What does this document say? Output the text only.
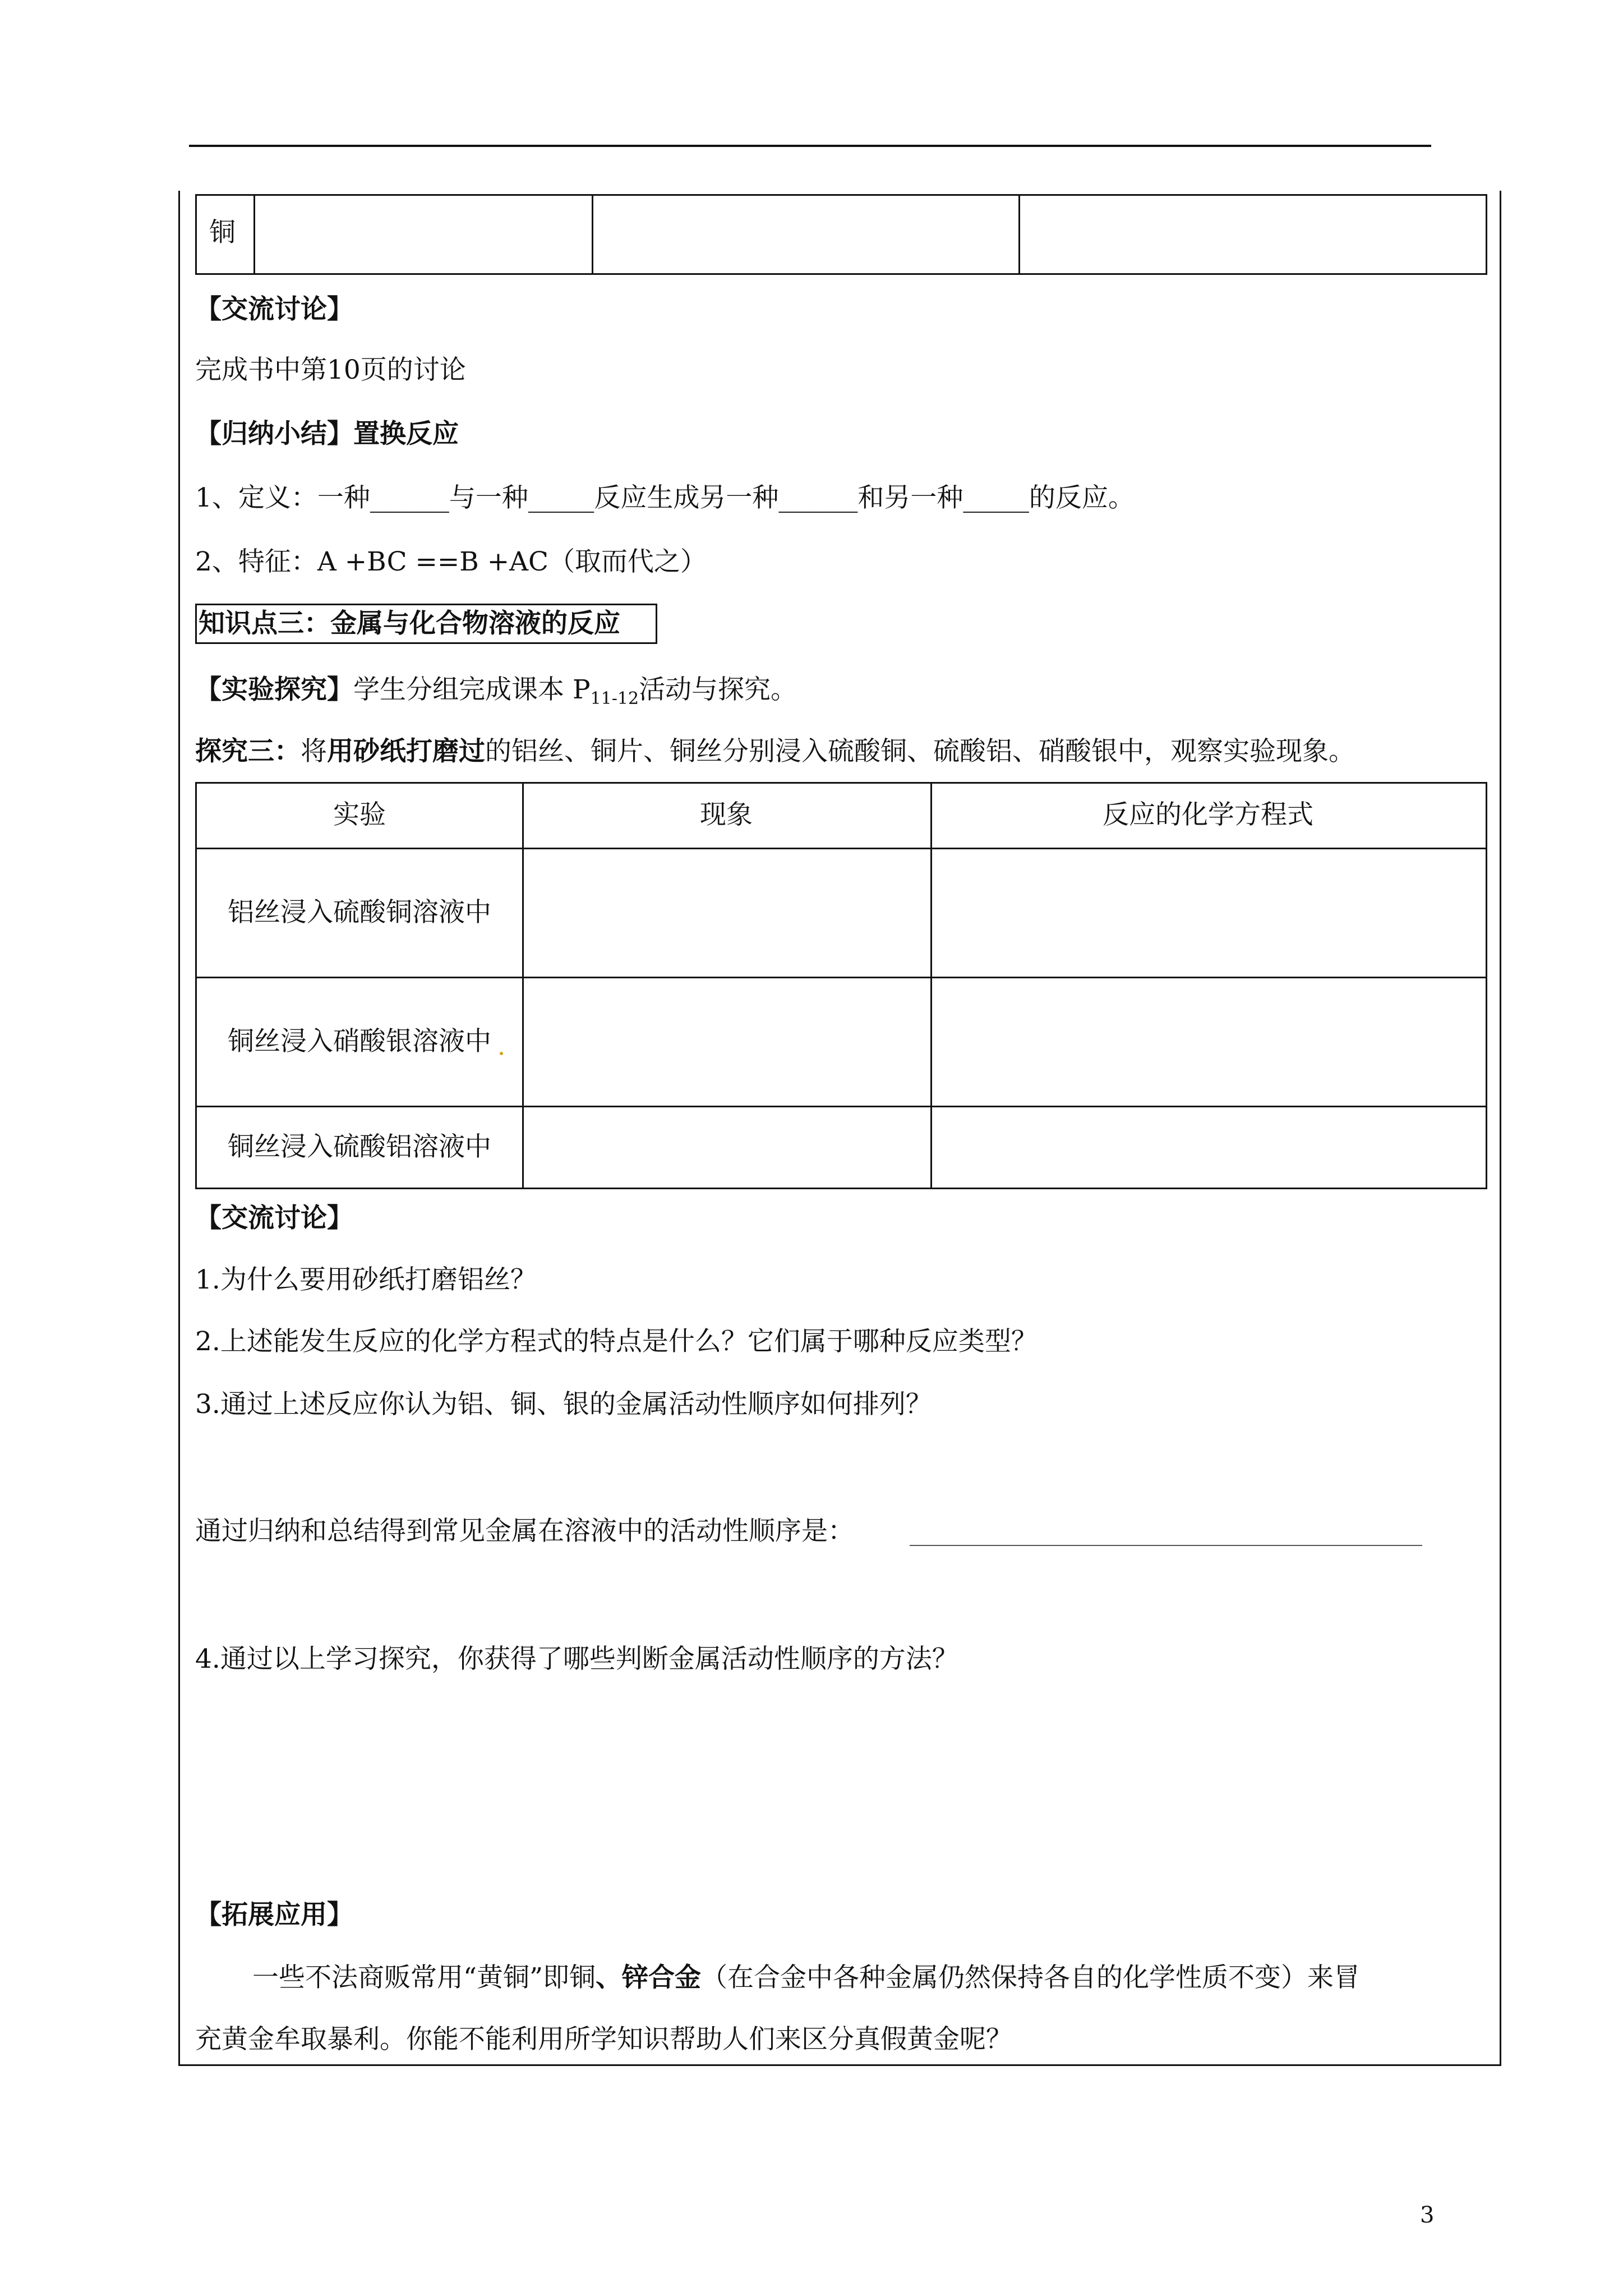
铜
【交流讨论】
完成书中第10页的讨论
【归纳小结】置换反应
1、定义：一种______与一种_____反应生成另一种______和另一种_____的反应。
2、特征：A +BC ==B +AC（取而代之）
知识点三：金属与化合物溶液的反应
【实验探究】学生分组完成课本 $P_{11-12}$活动与探究。
探究三：将用砂纸打磨过的铝丝、铜片、铜丝分别浸入硫酸铜、硫酸铝、硝酸银中，观察实验现象。
实验	现象	反应的化学方程式
铝丝浸入硫酸铜溶液中
铜丝浸入硝酸银溶液中
铜丝浸入硫酸铝溶液中
【交流讨论】
1.为什么要用砂纸打磨铝丝？
2.上述能发生反应的化学方程式的特点是什么？它们属于哪种反应类型？
3.通过上述反应你认为铝、铜、银的金属活动性顺序如何排列？
通过归纳和总结得到常见金属在溶液中的活动性顺序是：
4.通过以上学习探究，你获得了哪些判断金属活动性顺序的方法？
【拓展应用】
一些不法商贩常用“黄铜”即铜、锌合金（在合金中各种金属仍然保持各自的化学性质不变）来冒
充黄金牟取暴利。你能不能利用所学知识帮助人们来区分真假黄金呢？
3
